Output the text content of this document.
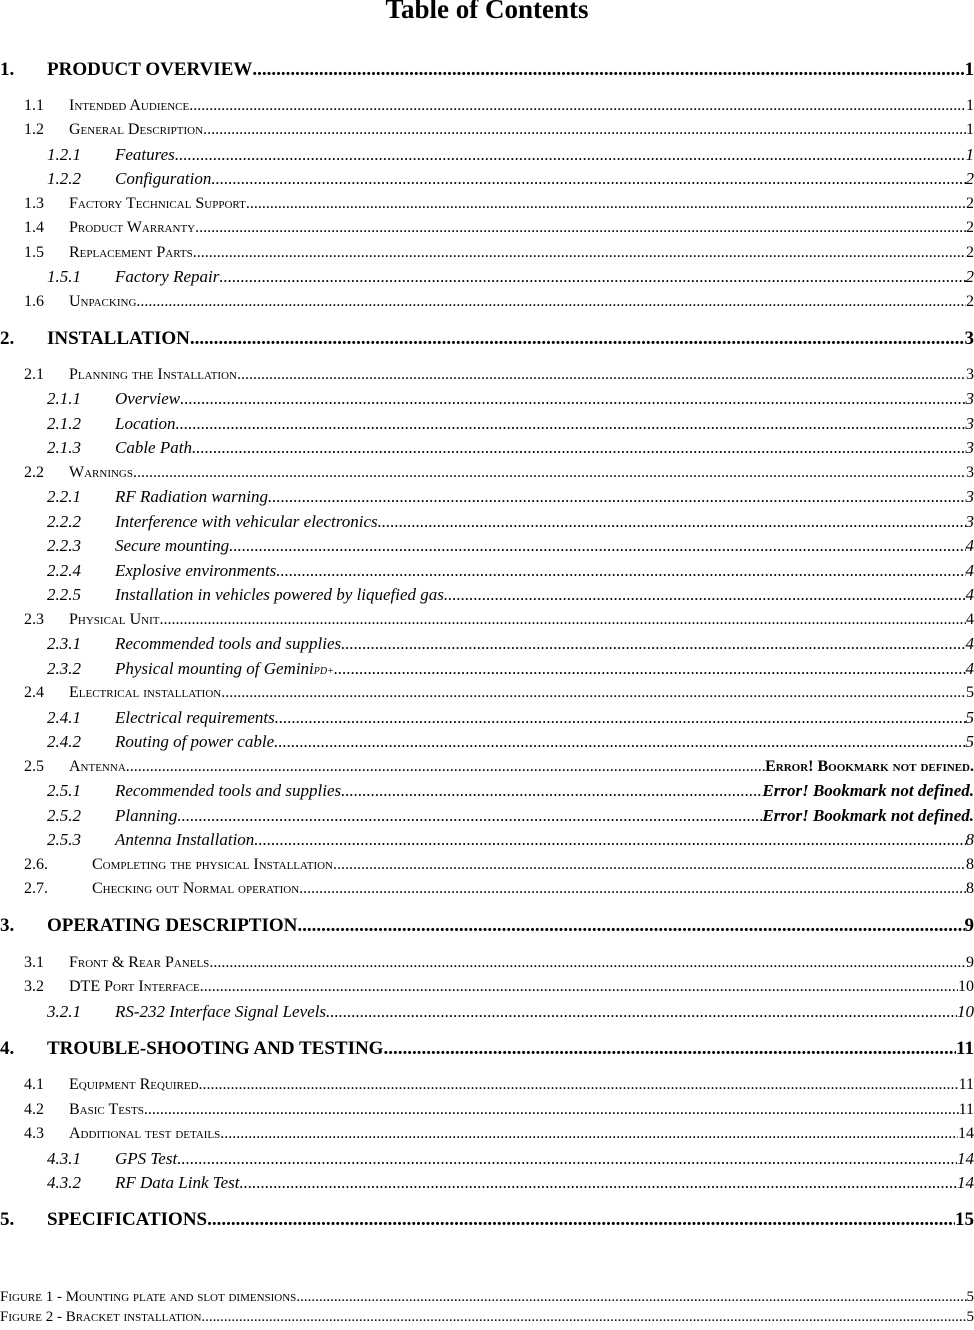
Table of Contents
1. PRODUCT OVERVIEW .....	1
1.1 Intended Audience .....	1
1.2 General Description .....	1
1.2.1 Features .....	1
1.2.2 Configuration .....	2
1.3 Factory Technical Support .....	2
1.4 Product Warranty .....	2
1.5 Replacement Parts .....	2
1.5.1 Factory Repair .....	2
1.6 Unpacking .....	2
2. INSTALLATION .....	3
2.1 Planning the Installation .....	3
2.1.1 Overview .....	3
2.1.2 Location .....	3
2.1.3 Cable Path .....	3
2.2 Warnings .....	3
2.2.1 RF Radiation warning .....	3
2.2.2 Interference with vehicular electronics .....	3
2.2.3 Secure mounting .....	4
2.2.4 Explosive environments .....	4
2.2.5 Installation in vehicles powered by liquefied gas. .....	4
2.3 Physical Unit .....	4
2.3.1 Recommended tools and supplies .....	4
2.3.2 Physical mounting of Gemini PD+ .....	4
2.4 Electrical installation .....	5
2.4.1 Electrical requirements .....	5
2.4.2 Routing of power cable .....	5
2.5 Antenna .....	Error! Bookmark not defined.
2.5.1 Recommended tools and supplies .....	Error! Bookmark not defined.
2.5.2 Planning .....	Error! Bookmark not defined.
2.5.3 Antenna Installation .....	8
2.6.	Completing the physical Installation. .....	8
2.7.	Checking out Normal operation .....	8
3. OPERATING DESCRIPTION .....	9
3.1 Front & Rear Panels .....	9
3.2 DTE Port Interface .....	10
3.2.1 RS-232 Interface Signal Levels .....	10
4. TROUBLE-SHOOTING AND TESTING .....	11
4.1 Equipment Required .....	11
4.2 Basic Tests .....	11
4.3 Additional test details .....	14
4.3.1 GPS Test .....	14
4.3.2 RF Data Link Test .....	14
5. SPECIFICATIONS .....	15
Figure 1 - Mounting plate and slot dimensions .....	5
Figure 2 - Bracket installation .....	5
